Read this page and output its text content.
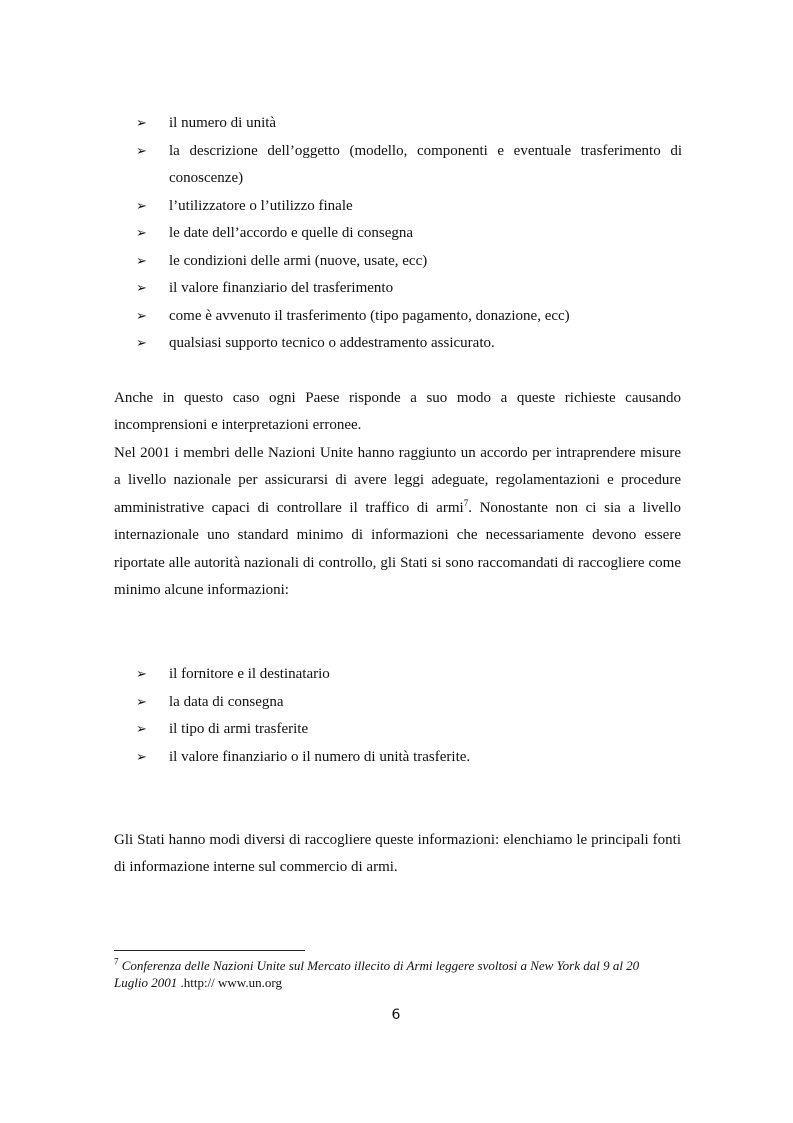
➢	il numero di unità
➢	la descrizione dell’oggetto (modello, componenti e eventuale trasferimento di conoscenze)
➢	l’utilizzatore o l’utilizzo finale
➢	le date dell’accordo e quelle di consegna
➢	le condizioni delle armi (nuove, usate, ecc)
➢	il valore finanziario del trasferimento
➢	come è avvenuto il trasferimento (tipo pagamento, donazione, ecc)
➢	qualsiasi supporto tecnico o addestramento assicurato.

Anche in questo caso ogni Paese risponde a suo modo a queste richieste causando incomprensioni e interpretazioni erronee.

Nel 2001 i membri delle Nazioni Unite hanno raggiunto un accordo per intraprendere misure a livello nazionale per assicurarsi di avere leggi adeguate, regolamentazioni e procedure amministrative capaci di controllare il traffico di armi$^7$. Nonostante non ci sia a livello internazionale uno standard minimo di informazioni che necessariamente devono essere riportate alle autorità nazionali di controllo, gli Stati si sono raccomandati di raccogliere come minimo alcune informazioni:

➢	il fornitore e il destinatario
➢	la data di consegna
➢	il tipo di armi trasferite
➢	il valore finanziario o il numero di unità trasferite.

Gli Stati hanno modi diversi di raccogliere queste informazioni: elenchiamo le principali fonti di informazione interne sul commercio di armi.

$^7$ Conferenza delle Nazioni Unite sul Mercato illecito di Armi leggere svoltosi a New York dal 9 al 20 Luglio 2001 .http:// www.un.org

6
